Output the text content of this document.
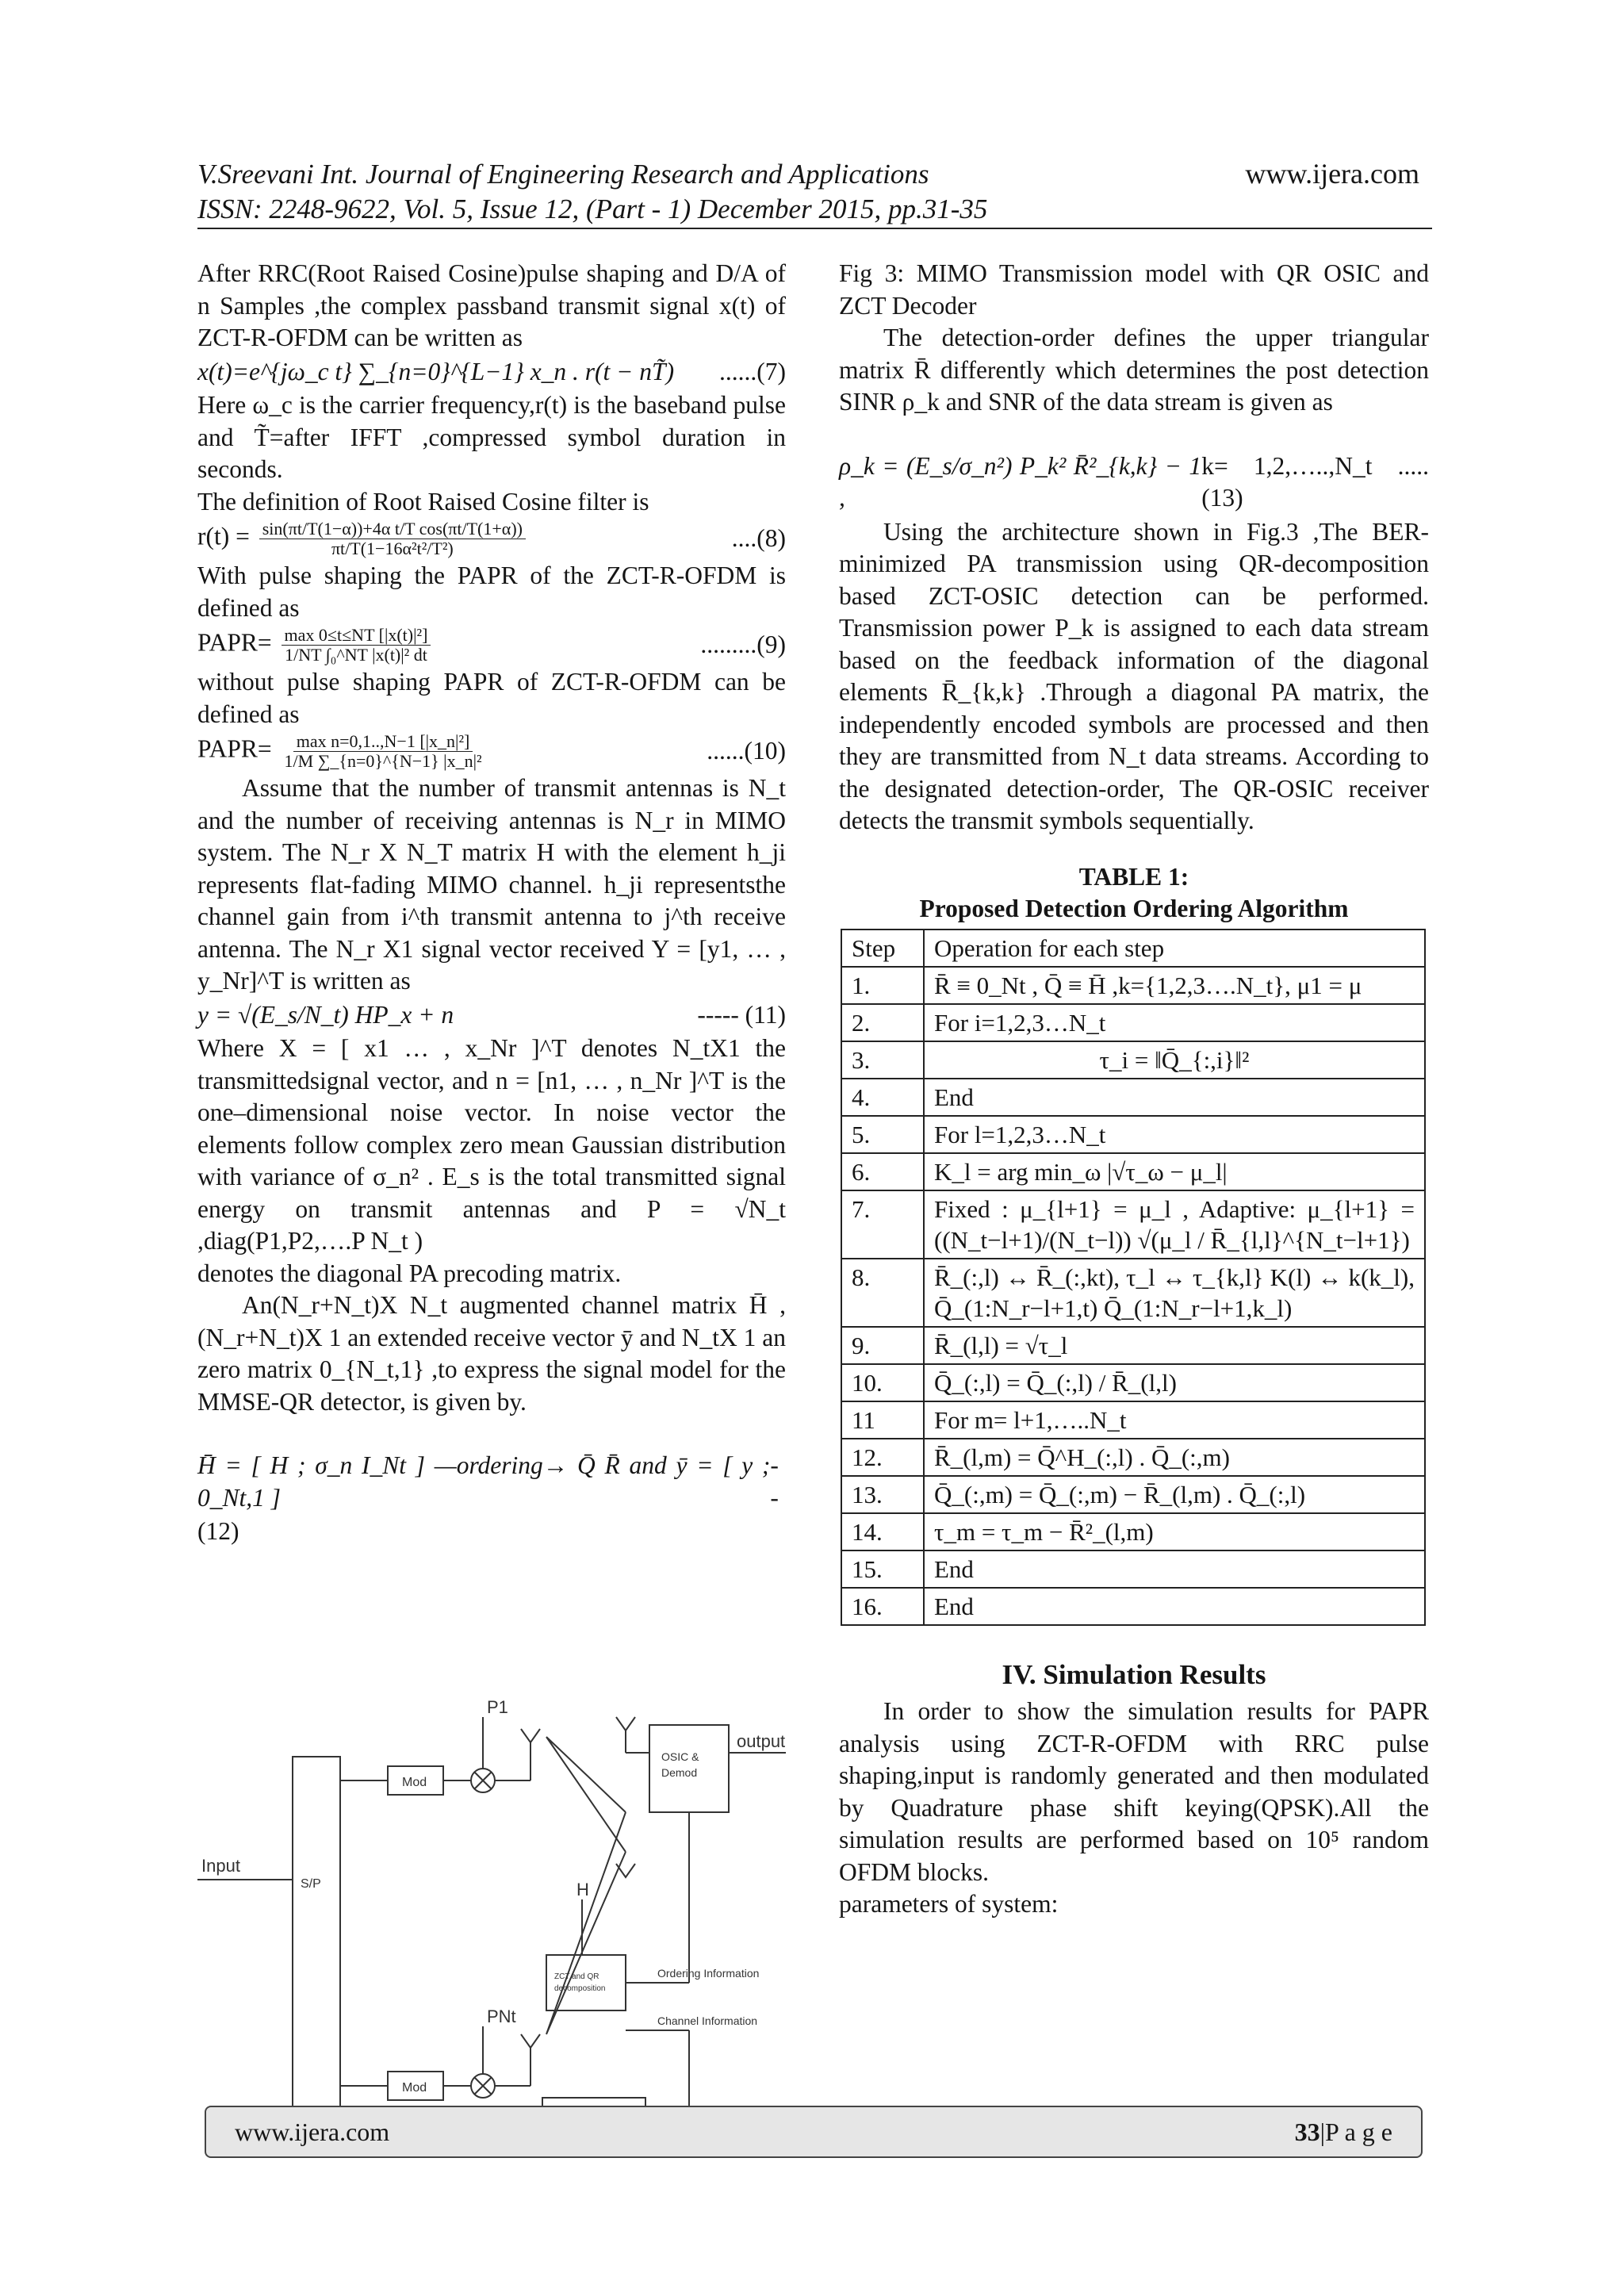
V.Sreevani Int. Journal of Engineering Research and Applications
ISSN: 2248-9622, Vol. 5, Issue 12, (Part - 1) December 2015, pp.31-35
www.ijera.com

After RRC(Root Raised Cosine)pulse shaping and D/A of n Samples ,the complex passband transmit signal x(t) of ZCT-R-OFDM can be written as

x(t)=e^{jω_c t} ∑_{n=0}^{L−1} x_n . r(t − nT̃) ......(7)

Here ω_c is the carrier frequency,r(t) is the baseband pulse and T̃=after IFFT ,compressed symbol duration in seconds.

The definition of Root Raised Cosine filter is

$r(t) = \frac{\text{sin(πt/T(1−α))+4α t/T cos(πt/T(1+α))}}{\text{πt/T(1−16α²t²/T²)}}$	....(8)

With pulse shaping the PAPR of the ZCT-R-OFDM is defined as

PAPR= $\frac{\text{max 0≤t≤NT [|x(t)|²]}}{\text{1/NT ∫₀\textasciicircum{}NT |x(t)|² dt}}$	.........(9)

without pulse shaping PAPR of ZCT-R-OFDM can be defined as

PAPR= $\frac{\text{max n=0,1..,N−1 [|x\_n|²]}}{\text{1/M ∑\_\{n=0\}\textasciicircum{}\{N−1\} |x\_n|²}}$	......(10)

Assume that the number of transmit antennas is N_t and the number of receiving antennas is N_r in MIMO system. The N_r X N_T matrix H with the element h_ji represents flat-fading MIMO channel. h_ji representsthe channel gain from i^th transmit antenna to j^th receive antenna. The N_r X1 signal vector received Y = [y1, … , y_Nr]^T is written as

y = √(E_s/N_t) HP_x + n	----- (11)

Where X = [ x1 … , x_Nr ]^T denotes N_tX1 the transmittedsignal vector, and n = [n1, … , n_Nr ]^T is the one–dimensional noise vector. In noise vector the elements follow complex zero mean Gaussian distribution with variance of σ_n² . E_s is the total transmitted signal energy on transmit antennas and P = √N_t ,diag(P1,P2,….P N_t )

denotes the diagonal PA precoding matrix.

An(N_r+N_t)X N_t augmented channel matrix H̄ ,(N_r+N_t)X 1 an extended receive vector ȳ and N_tX 1 an zero matrix 0_{N_t,1} ,to express the signal model for the MMSE-QR detector, is given by.

H̄ = [ H ; σ_n I_Nt ] —ordering→ Q̄ R̄ and ȳ = [ y ; 0_Nt,1 ]
--

(12)

Input
S/P
Mod
Mod
P1
PNt
H
OSIC &
Demod
output
ZCT and QR
decomposition
Ordering Information
Channel Information

Fig 3: MIMO Transmission model with QR OSIC and ZCT Decoder

The detection-order defines the upper triangular matrix R̄ differently which determines the post detection SINR ρ_k and SNR of the data stream is given as

ρ_k = (E_s/σ_n²) P_k² R̄²_{k,k} − 1 ,
k= 1,2,…..,N_t .....(13)

Using the architecture shown in Fig.3 ,The BER-minimized PA transmission using QR-decomposition based ZCT-OSIC detection can be performed. Transmission power P_k is assigned to each data stream based on the feedback information of the diagonal elements R̄_{k,k} .Through a diagonal PA matrix, the independently encoded symbols are processed and then they are transmitted from N_t data streams. According to the designated detection-order, The QR-OSIC receiver detects the transmit symbols sequentially.

TABLE 1:
Proposed Detection Ordering Algorithm
Step	Operation for each step
1.	R̄ ≡ 0_Nt , Q̄ ≡ H̄ ,k={1,2,3….N_t}, μ1 = μ
2.	For i=1,2,3…N_t
3.	τ_i = ‖Q̄_{:,i}‖²
4.	End
5.	For l=1,2,3…N_t
6.	K_l = arg min_ω |√τ_ω − μ_l|
7.	Fixed : μ_{l+1} = μ_l , Adaptive: μ_{l+1} = ((N_t−l+1)/(N_t−l)) √(μ_l / R̄_{l,l}^{N_t−l+1})
8.	R̄_(:,l) ↔ R̄_(:,kt), τ_l ↔ τ_{k,l} K(l) ↔ k(k_l), Q̄_(1:N_r−l+1,t) Q̄_(1:N_r−l+1,k_l)
9.	R̄_(l,l) = √τ_l
10.	Q̄_(:,l) = Q̄_(:,l) / R̄_(l,l)
11	For m= l+1,…..N_t
12.	R̄_(l,m) = Q̄^H_(:,l) . Q̄_(:,m)
13.	Q̄_(:,m) = Q̄_(:,m) − R̄_(l,m) . Q̄_(:,l)
14.	τ_m = τ_m − R̄²_(l,m)
15.	End
16.	End
IV. Simulation Results

In order to show the simulation results for PAPR analysis using ZCT-R-OFDM with RRC pulse shaping,input is randomly generated and then modulated by Quadrature phase shift keying(QPSK).All the simulation results are performed based on 10⁵ random OFDM blocks.

parameters of system:

www.ijera.com	33|P a g e
